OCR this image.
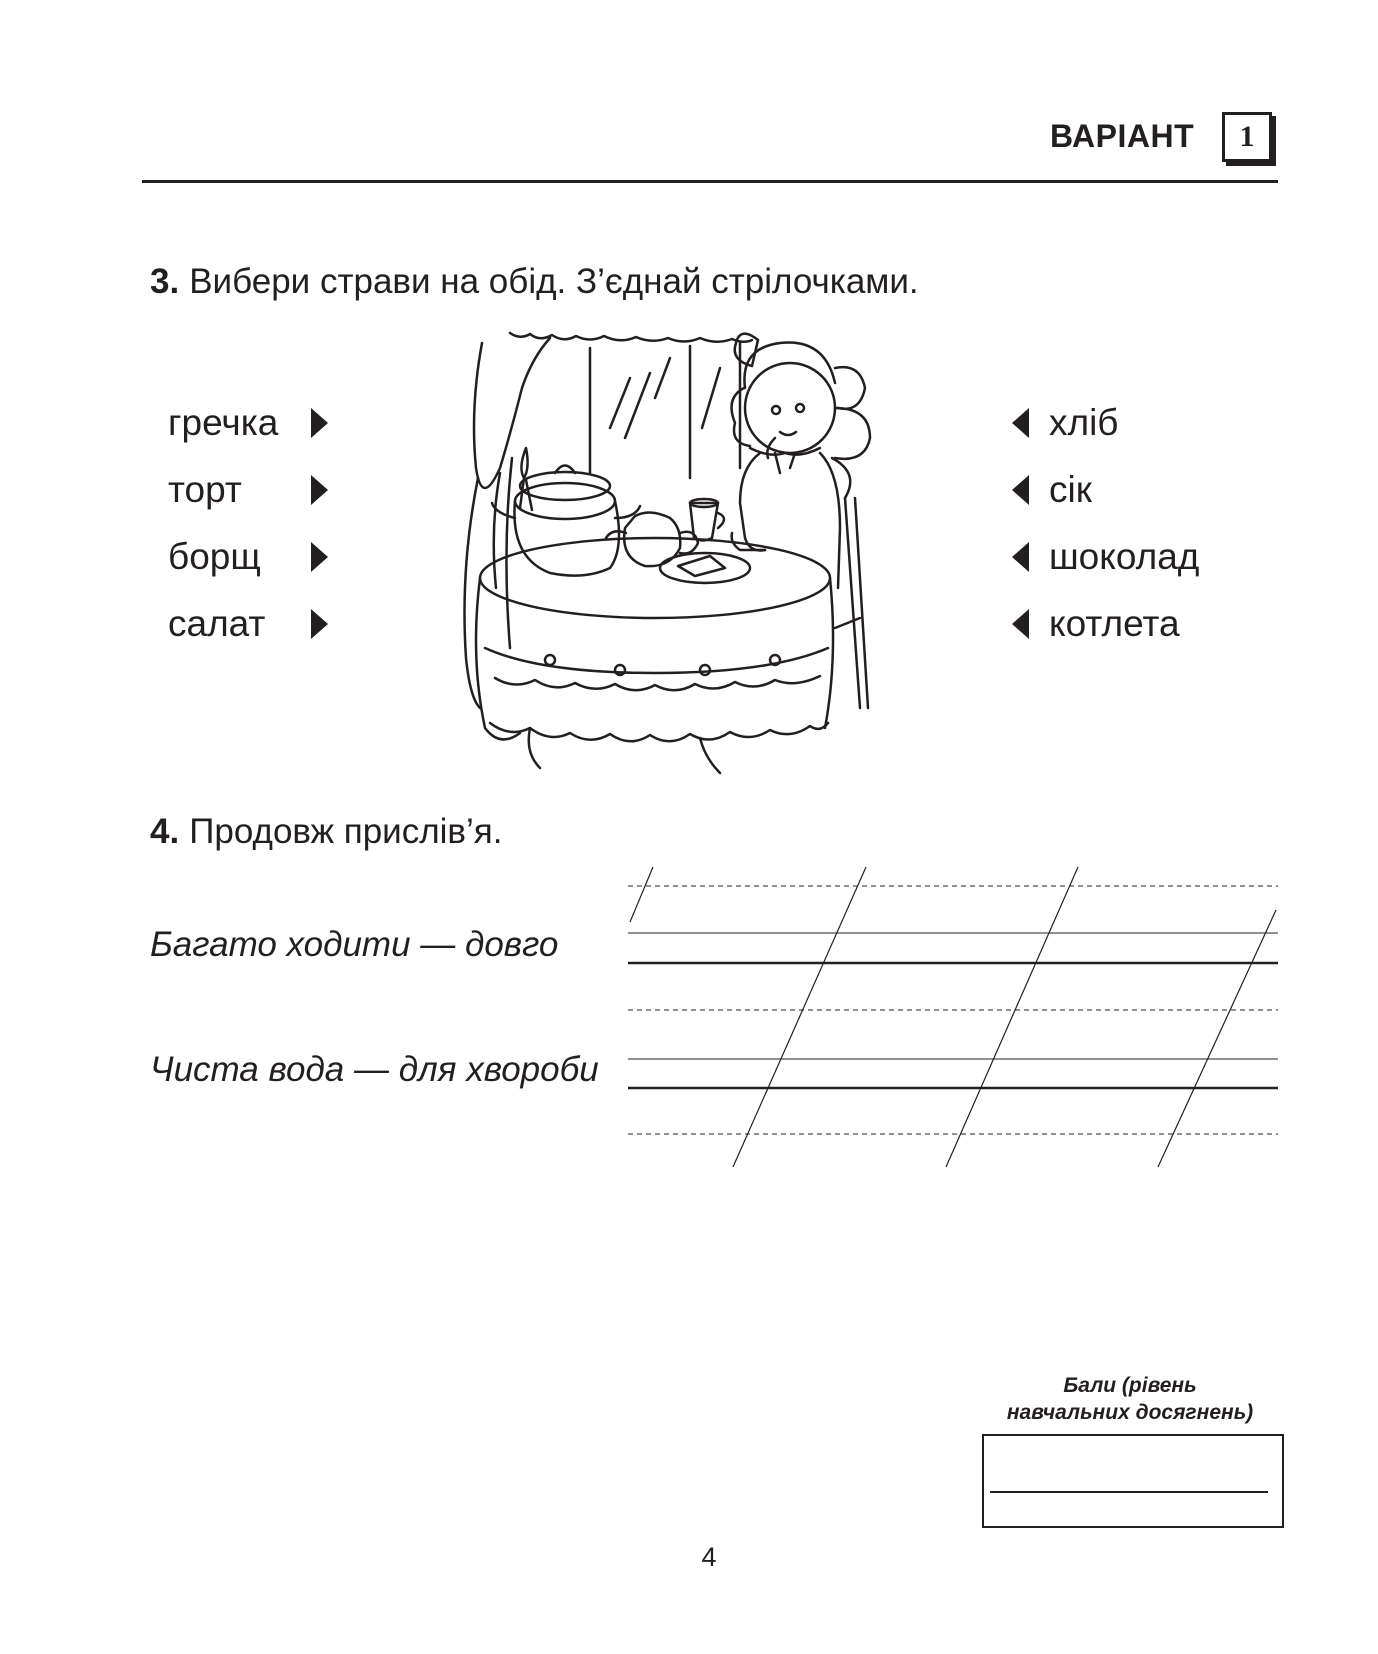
ВАРІАНТ	1
3. Вибери страви на обід. З’єднай стрілочками.
гречка
торт
борщ
салат
хліб
сік
шоколад
котлета
4. Продовж прислів’я.
Багато ходити — довго
Чиста вода — для хвороби
Бали (рівень
навчальних досягнень)
4
